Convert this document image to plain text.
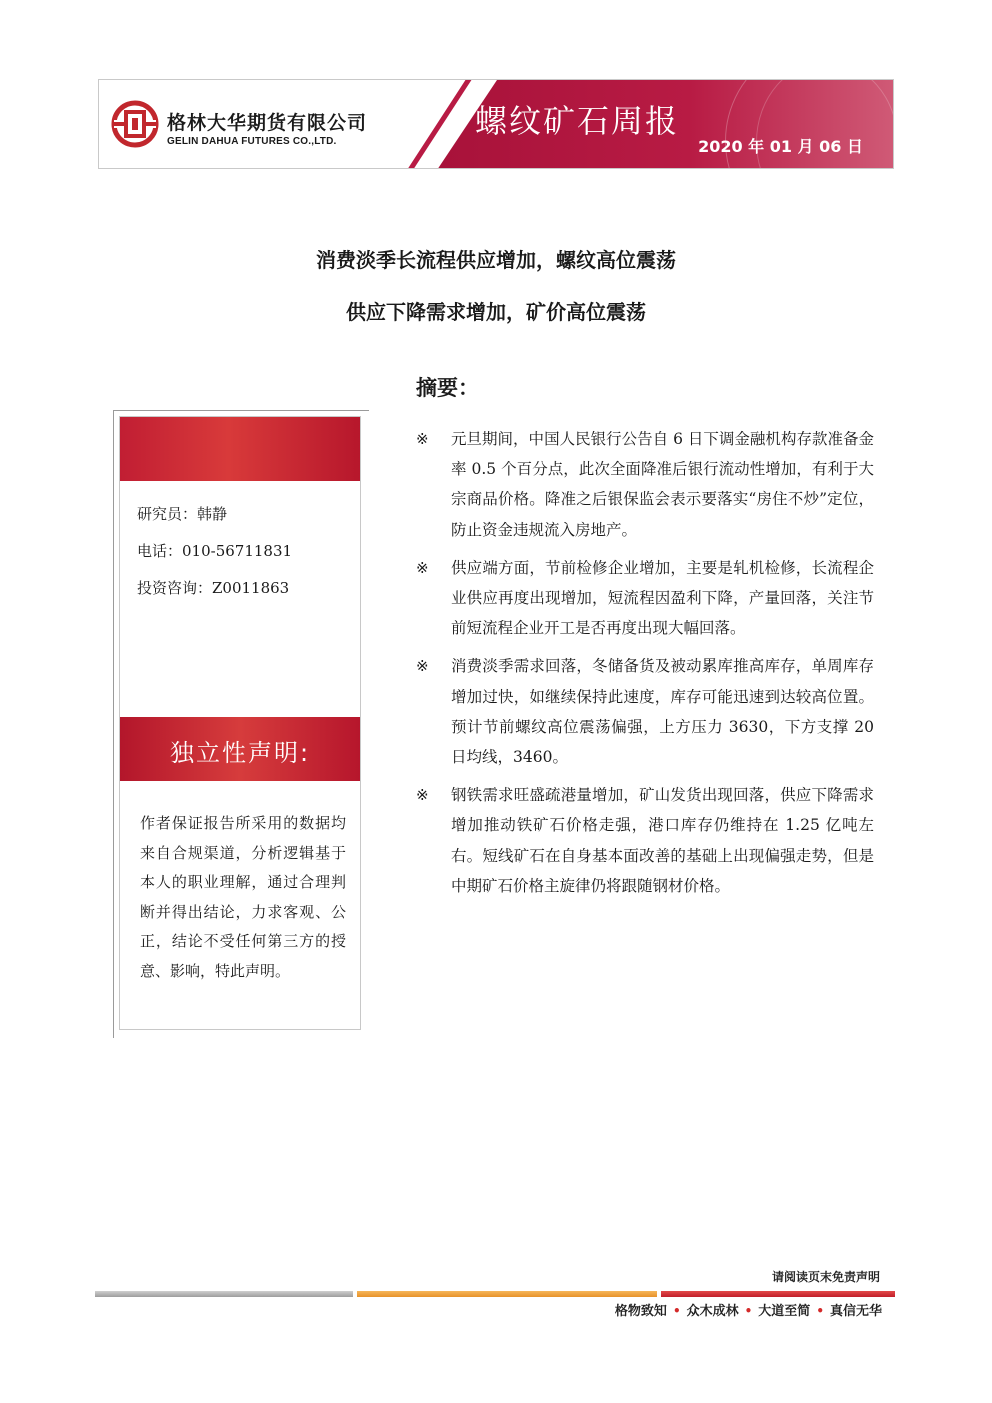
格林大华期货有限公司
GELIN DAHUA FUTURES CO.,LTD.
螺纹矿石周报
2020 年 01 月 06 日
消费淡季长流程供应增加，螺纹高位震荡
供应下降需求增加，矿价高位震荡
摘要：
研究员：韩静
电话：010-56711831
投资咨询：Z0011863
独立性声明:
作者保证报告所采用的数据均来自合规渠道，分析逻辑基于本人的职业理解，通过合理判断并得出结论，力求客观、公正，结论不受任何第三方的授意、影响，特此声明。
※ 元旦期间，中国人民银行公告自 6 日下调金融机构存款准备金率 0.5 个百分点，此次全面降准后银行流动性增加，有利于大宗商品价格。降准之后银保监会表示要落实“房住不炒”定位，防止资金违规流入房地产。
※ 供应端方面，节前检修企业增加，主要是轧机检修，长流程企业供应再度出现增加，短流程因盈利下降，产量回落，关注节前短流程企业开工是否再度出现大幅回落。
※ 消费淡季需求回落，冬储备货及被动累库推高库存，单周库存增加过快，如继续保持此速度，库存可能迅速到达较高位置。预计节前螺纹高位震荡偏强，上方压力 3630，下方支撑 20 日均线，3460。
※ 钢铁需求旺盛疏港量增加，矿山发货出现回落，供应下降需求增加推动铁矿石价格走强，港口库存仍维持在 1.25 亿吨左右。短线矿石在自身基本面改善的基础上出现偏强走势，但是中期矿石价格主旋律仍将跟随钢材价格。
请阅读页末免责声明
格物致知 • 众木成林 • 大道至简 • 真信无华
